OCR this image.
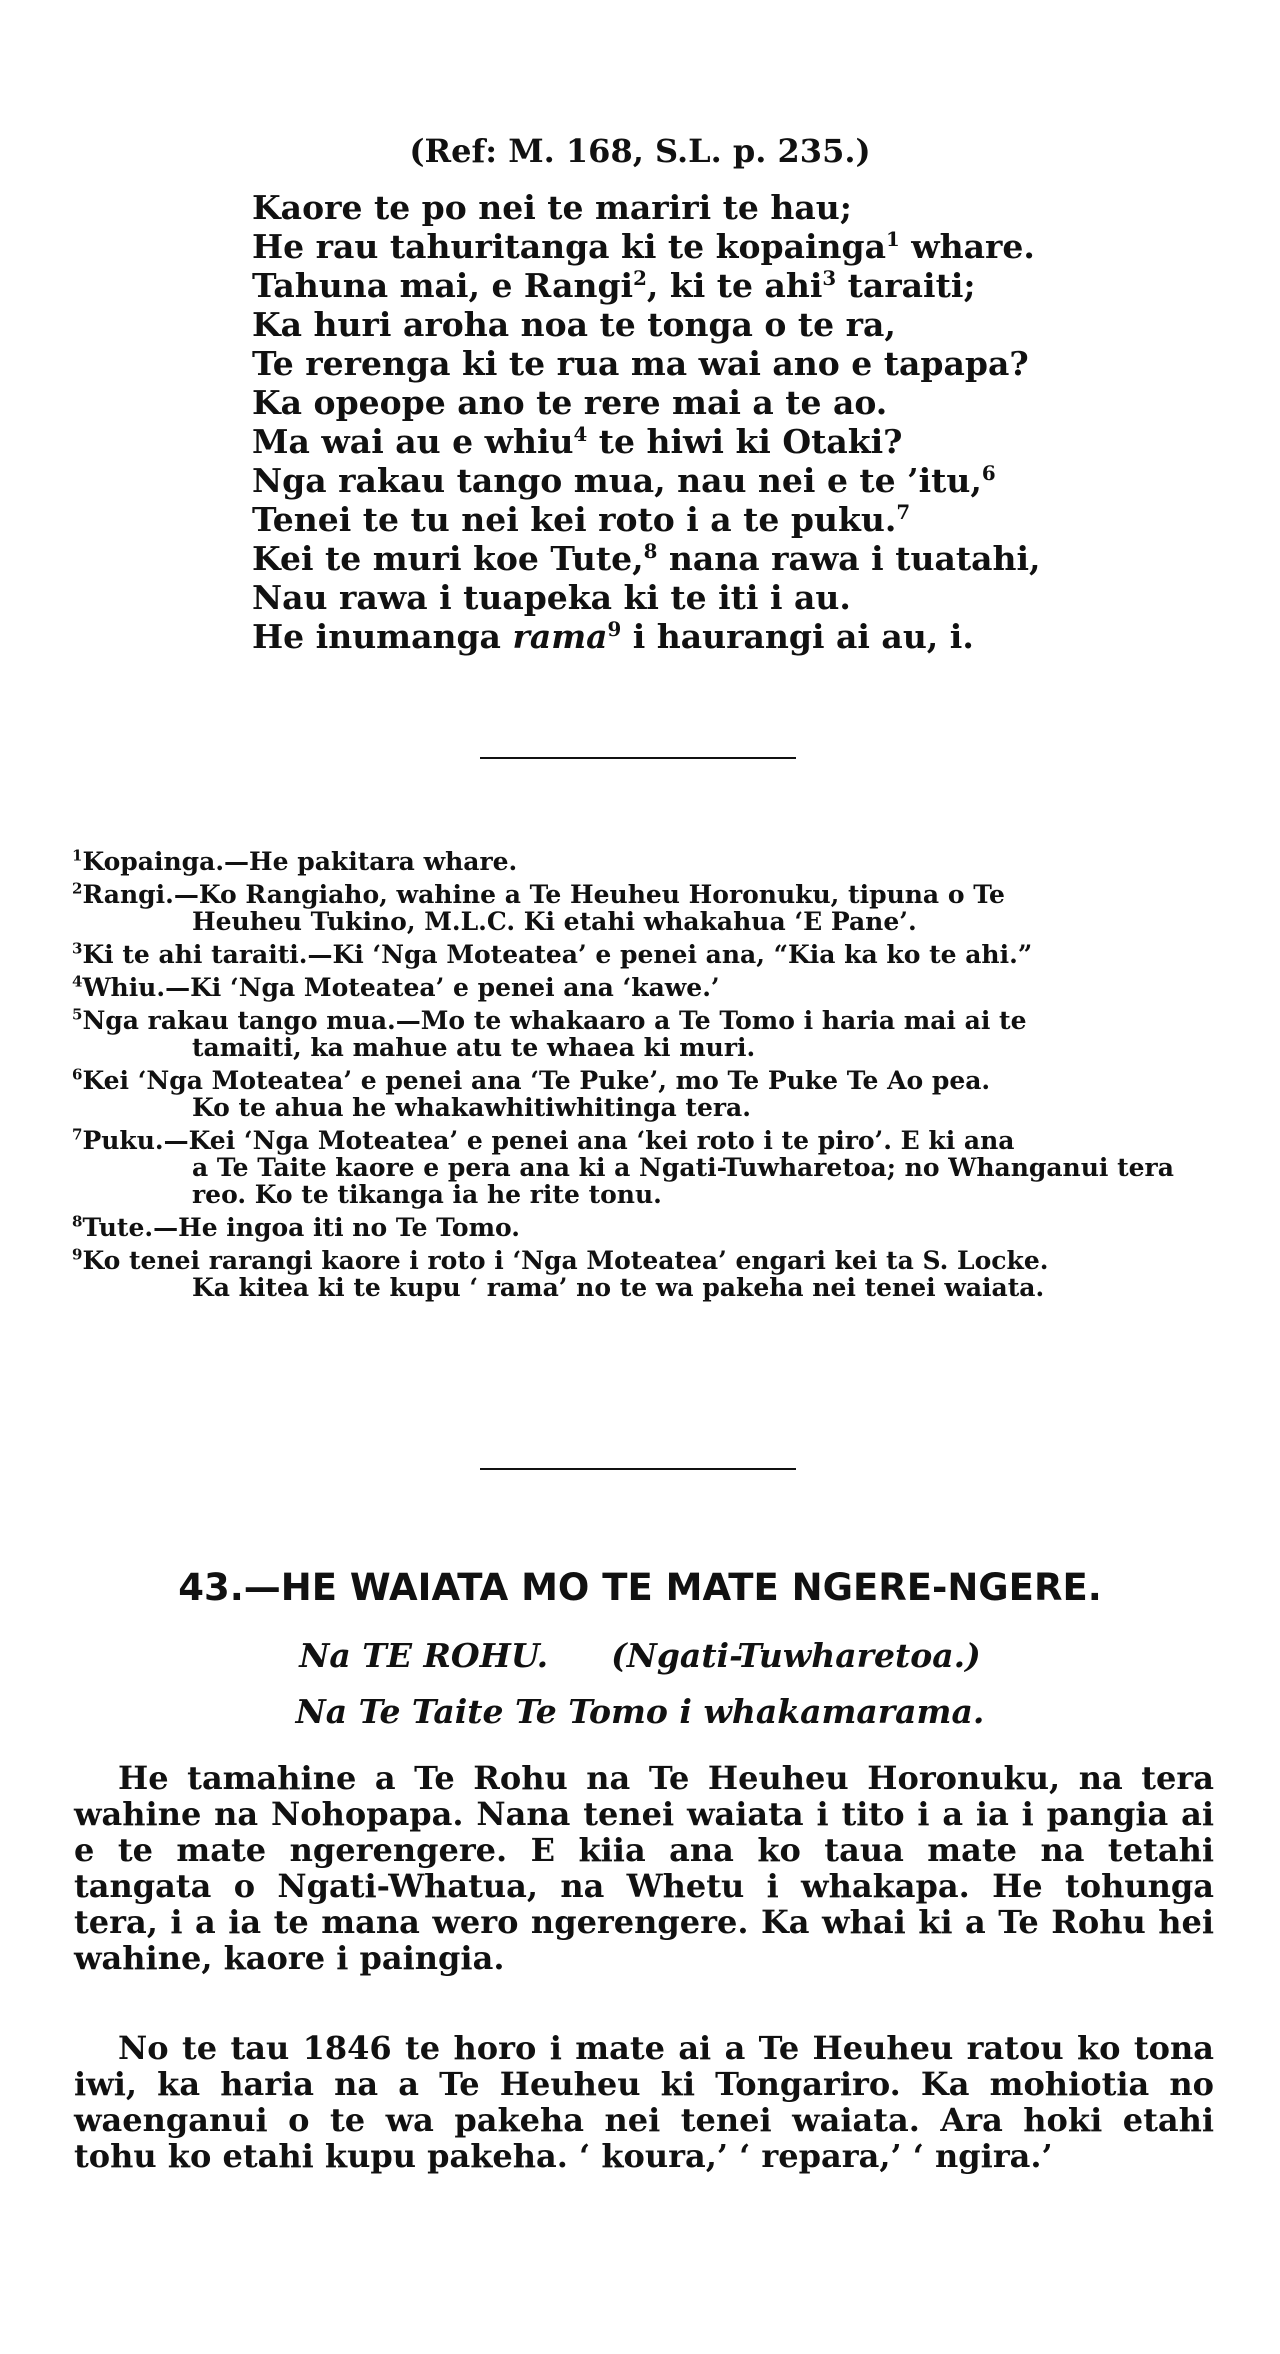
(Ref: M. 168, S.L. p. 235.)
Kaore te po nei te mariri te hau;
He rau tahuritanga ki te kopainga$^1$ whare.
Tahuna mai, e Rangi$^2$, ki te ahi$^3$ taraiti;
Ka huri aroha noa te tonga o te ra,
Te rerenga ki te rua ma wai ano e tapapa?
Ka opeope ano te rere mai a te ao.
Ma wai au e whiu$^4$ te hiwi ki Otaki?
Nga rakau tango mua, nau nei e te ’itu,$^6$
Tenei te tu nei kei roto i a te puku.$^7$
Kei te muri koe Tute,$^8$ nana rawa i tuatahi,
Nau rawa i tuapeka ki te iti i au.
He inumanga rama$^9$ i haurangi ai au, i.
$^1$Kopainga.—He pakitara whare.
$^2$Rangi.—Ko Rangiaho, wahine a Te Heuheu Horonuku, tipuna o Te
Heuheu Tukino, M.L.C. Ki etahi whakahua ‘E Pane’.
$^3$Ki te ahi taraiti.—Ki ‘Nga Moteatea’ e penei ana, “Kia ka ko te ahi.”
$^4$Whiu.—Ki ‘Nga Moteatea’ e penei ana ‘kawe.’
$^5$Nga rakau tango mua.—Mo te whakaaro a Te Tomo i haria mai ai te
tamaiti, ka mahue atu te whaea ki muri.
$^6$Kei ‘Nga Moteatea’ e penei ana ‘Te Puke’, mo Te Puke Te Ao pea.
Ko te ahua he whakawhitiwhitinga tera.
$^7$Puku.—Kei ‘Nga Moteatea’ e penei ana ‘kei roto i te piro’. E ki ana
a Te Taite kaore e pera ana ki a Ngati-Tuwharetoa; no Whanganui tera reo. Ko te tikanga ia he rite tonu.
$^8$Tute.—He ingoa iti no Te Tomo.
$^9$Ko tenei rarangi kaore i roto i ‘Nga Moteatea’ engari kei ta S. Locke.
Ka kitea ki te kupu ‘ rama’ no te wa pakeha nei tenei waiata.
43.—HE WAIATA MO TE MATE NGERE-NGERE.
Na TE ROHU. (Ngati-Tuwharetoa.)
Na Te Taite Te Tomo i whakamarama.
He tamahine a Te Rohu na Te Heuheu Horonuku, na tera wahine na Nohopapa. Nana tenei waiata i tito i a ia i pangia ai e te mate ngerengere. E kiia ana ko taua mate na tetahi tangata o Ngati-Whatua, na Whetu i whakapa. He tohunga tera, i a ia te mana wero ngerengere. Ka whai ki a Te Rohu hei wahine, kaore i paingia.
No te tau 1846 te horo i mate ai a Te Heuheu ratou ko tona iwi, ka haria na a Te Heuheu ki Tongariro. Ka mohiotia no waenganui o te wa pakeha nei tenei waiata. Ara hoki etahi tohu ko etahi kupu pakeha. ‘ koura,’ ‘ repara,’ ‘ ngira.’
